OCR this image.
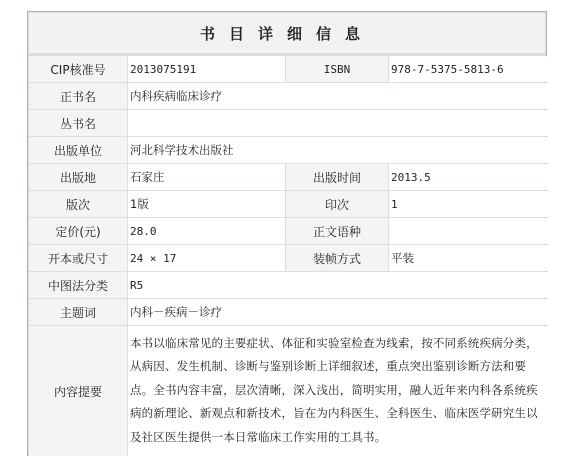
书目详细信息
CIP核准号	2013075191	ISBN	978-7-5375-5813-6
正书名	内科疾病临床诊疗		
丛书名			
出版单位	河北科学技术出版社		
出版地	石家庄	出版时间	2013.5
版次	1版	印次	1
定价(元)	28.0	正文语种	
开本或尺寸	24 × 17	装帧方式	平装
中图法分类	R5		
主题词	内科－疾病－诊疗		
内容提要	本书以临床常见的主要症状、体征和实验室检查为线索，按不同系统疾病分类，从病因、发生机制、诊断与鉴别诊断上详细叙述，重点突出鉴别诊断方法和要点。全书内容丰富，层次清晰，深入浅出，简明实用，融人近年来内科各系统疾病的新理论、新观点和新技术，旨在为内科医生、全科医生、临床医学研究生以及社区医生提供一本日常临床工作实用的工具书。		
